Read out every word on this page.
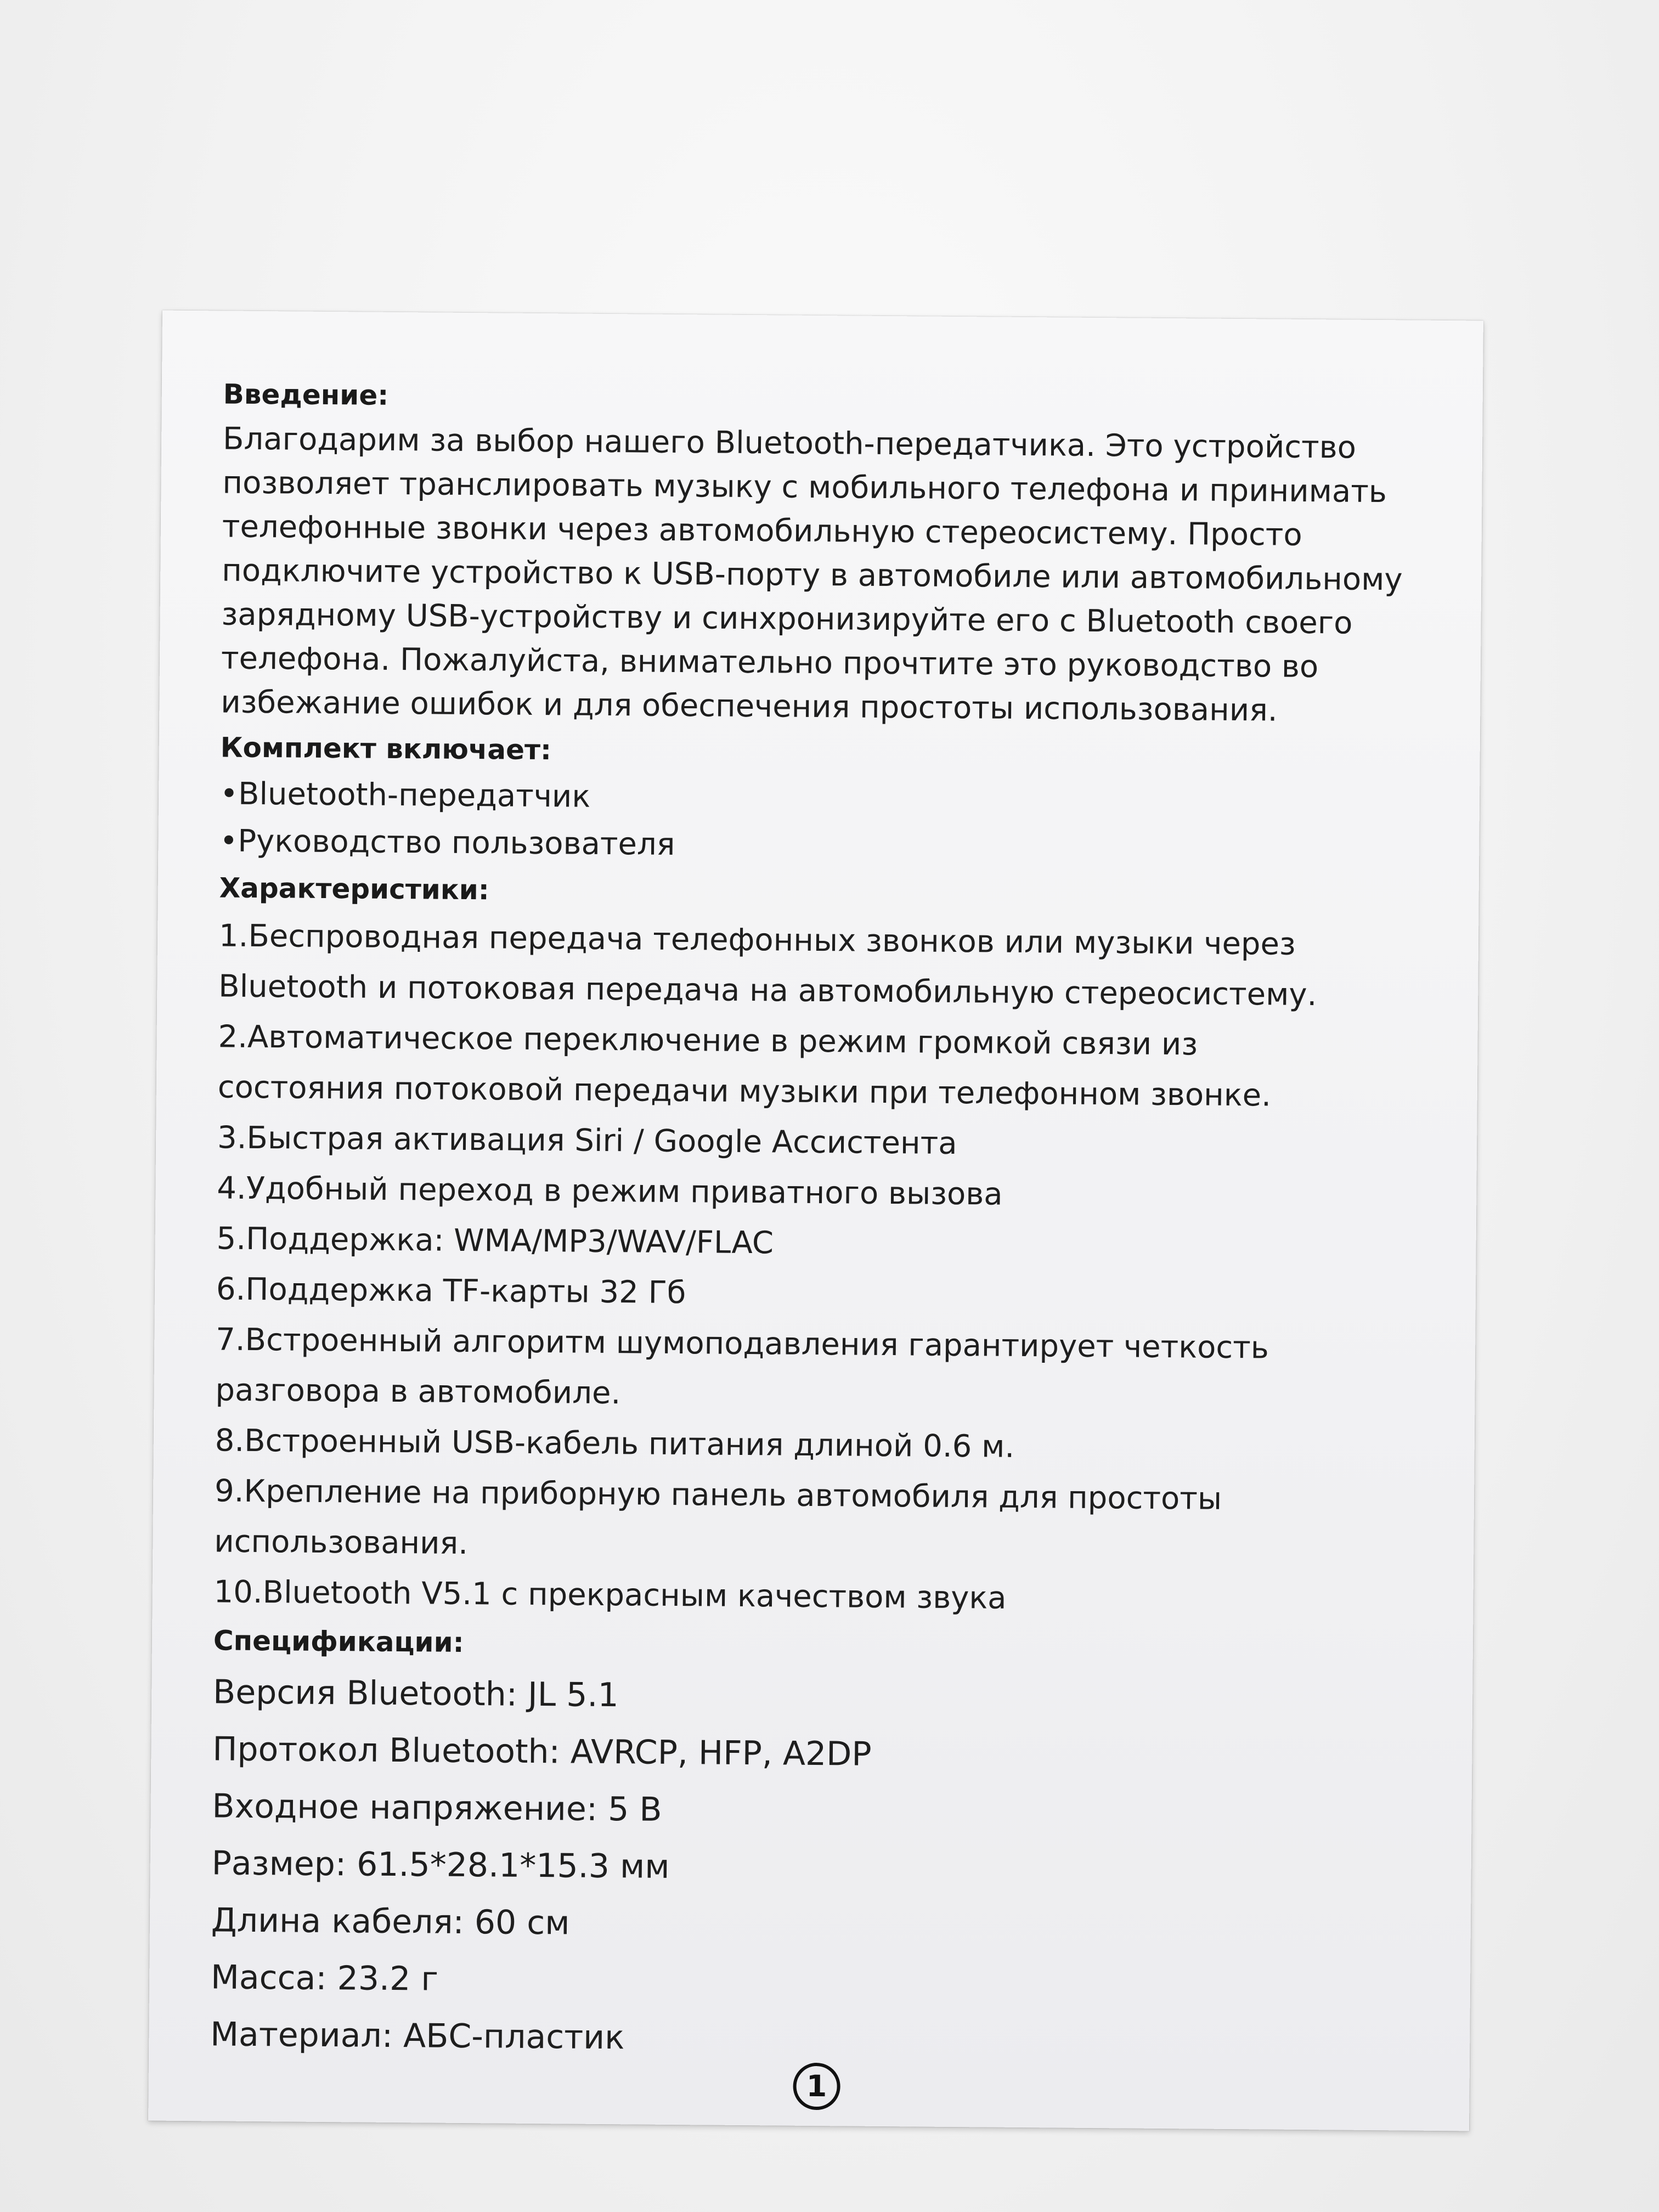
Введение:

Благодарим за выбор нашего Bluetooth-передатчика. Это устройство

позволяет транслировать музыку с мобильного телефона и принимать

телефонные звонки через автомобильную стереосистему. Просто

подключите устройство к USB-порту в автомобиле или автомобильному

зарядному USB-устройству и синхронизируйте его с Bluetooth своего

телефона. Пожалуйста, внимательно прочтите это руководство во

избежание ошибок и для обеспечения простоты использования.

Комплект включает:
•Bluetooth-передатчик
•Руководство пользователя
Характеристики:
1.Беспроводная передача телефонных звонков или музыки через
Bluetooth и потоковая передача на автомобильную стереосистему.
2.Автоматическое переключение в режим громкой связи из
состояния потоковой передачи музыки при телефонном звонке.
3.Быстрая активация Siri / Google Ассистента
4.Удобный переход в режим приватного вызова
5.Поддержка: WMA/MP3/WAV/FLAC
6.Поддержка TF-карты 32 Гб
7.Встроенный алгоритм шумоподавления гарантирует четкость
разговора в автомобиле.
8.Встроенный USB-кабель питания длиной 0.6 м.
9.Крепление на приборную панель автомобиля для простоты
использования.
10.Bluetooth V5.1 с прекрасным качеством звука
Спецификации:
Версия Bluetooth: JL 5.1
Протокол Bluetooth: AVRCP, HFP, A2DP
Входное напряжение: 5 В
Размер: 61.5*28.1*15.3 мм
Длина кабеля: 60 см
Масса: 23.2 г
Материал: АБС-пластик
1
